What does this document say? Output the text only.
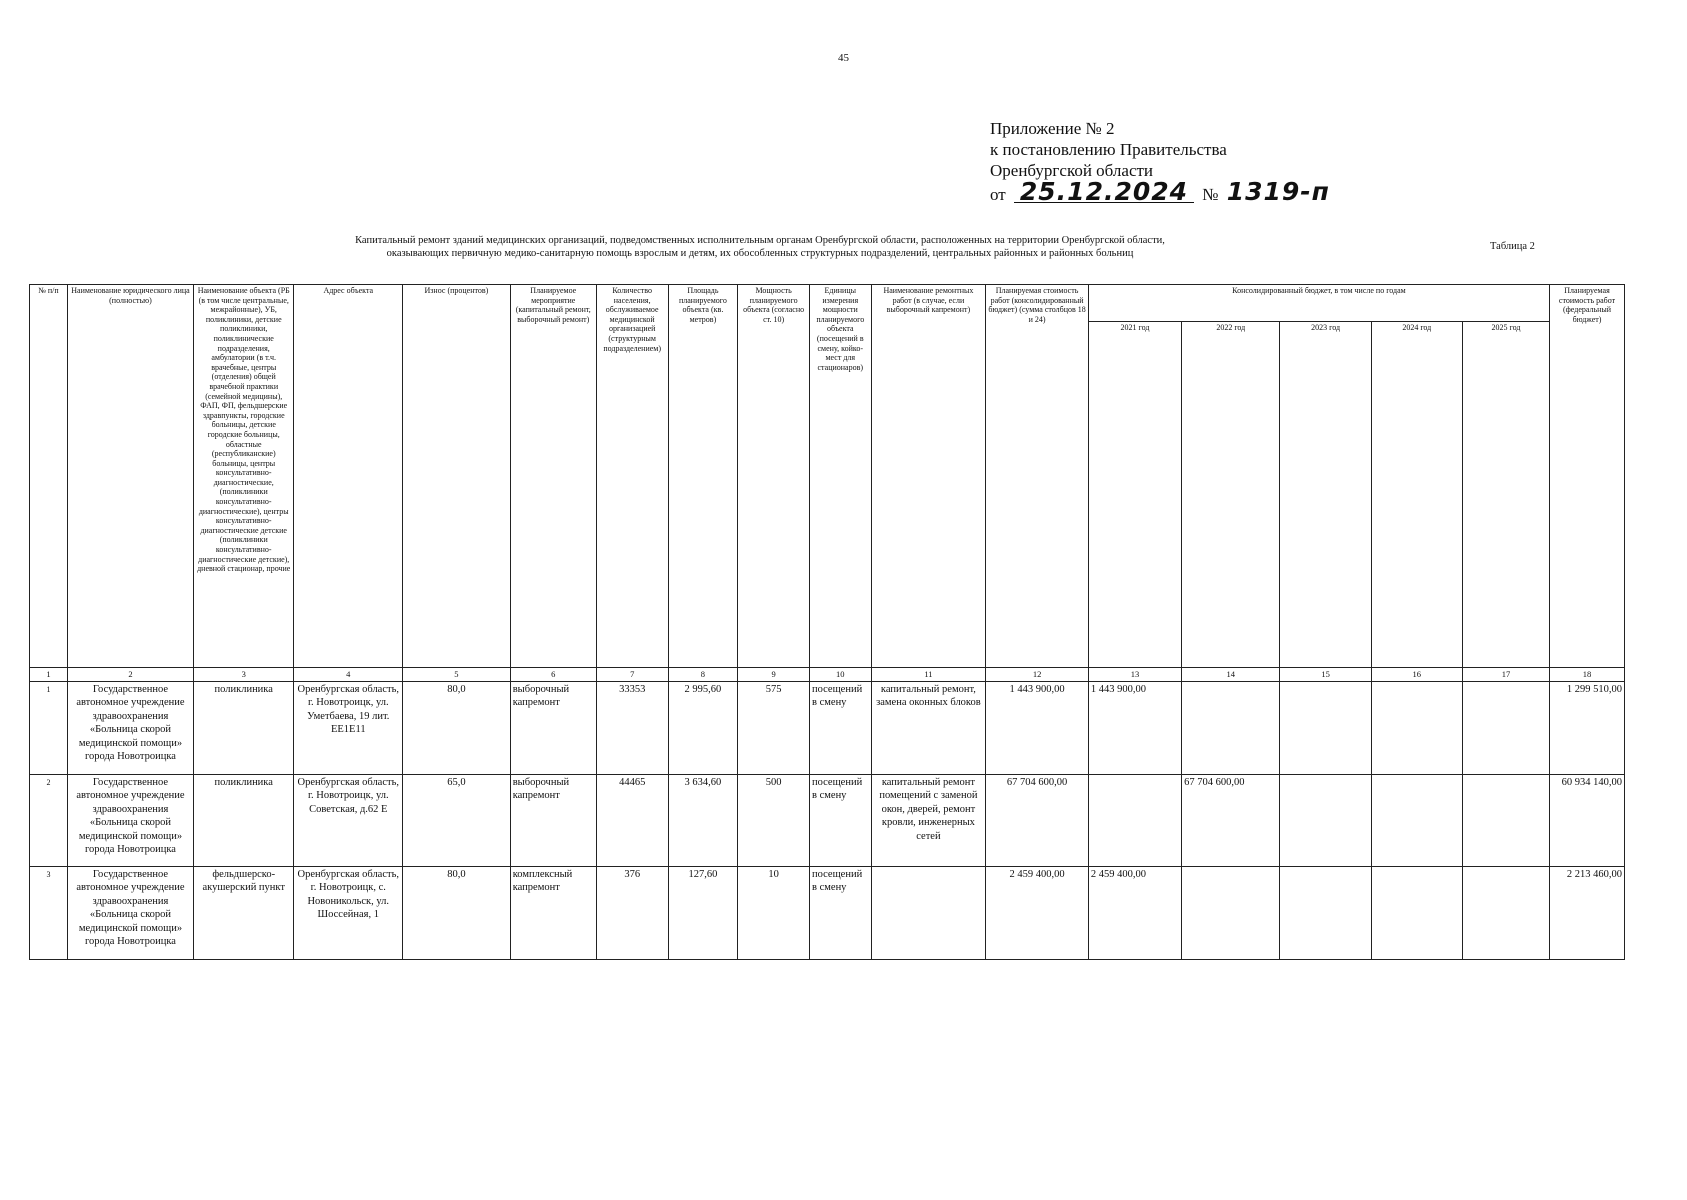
45
Приложение № 2
к постановлению Правительства
Оренбургской области
от 25.12.2024 № 1319-п
Капитальный ремонт зданий медицинских организаций, подведомственных исполнительным органам Оренбургской области, расположенных на территории Оренбургской области,
оказывающих первичную медико-санитарную помощь взрослым и детям, их обособленных структурных подразделений, центральных районных и районных больниц
Таблица 2
№ п/п	Наименование юридического лица (полностью)	Наименование объекта (РБ (в том числе центральные, межрайонные), УБ, поликлиники, детские поликлиники, поликлинические подразделения, амбулатории (в т.ч. врачебные, центры (отделения) общей врачебной практики (семейной медицины), ФАП, ФП, фельдшерские здравпункты, городские больницы, детские городские больницы, областные (республиканские) больницы, центры консультативно-диагностические, (поликлиники консультативно-диагностические), центры консультативно-диагностические детские (поликлиники консультативно-диагностические детские), дневной стационар, прочие	Адрес объекта	Износ (процентов)	Планируемое мероприятие (капитальный ремонт, выборочный ремонт)	Количество населения, обслуживаемое медицинской организацией (структурным подразделением)	Площадь планируемого объекта (кв. метров)	Мощность планируемого объекта (согласно ст. 10)	Единицы измерения мощности планируемого объекта (посещений в смену, койко-мест для стационаров)	Наименование ремонтных работ (в случае, если выборочный капремонт)	Планируемая стоимость работ (консолидированный бюджет) (сумма столбцов 18 и 24)	Консолидированный бюджет, в том числе по годам					Планируемая стоимость работ (федеральный бюджет)
												2021 год	2022 год	2023 год	2024 год	2025 год	
1	2	3	4	5	6	7	8	9	10	11	12	13	14	15	16	17	18
1	Государственное автономное учреждение здравоохранения «Больница скорой медицинской помощи» города Новотроицка	поликлиника	Оренбургская область, г. Новотроицк, ул. Уметбаева, 19 лит. ЕЕ1Е11	80,0	выборочный капремонт	33353	2 995,60	575	посещений в смену	капитальный ремонт, замена оконных блоков	1 443 900,00	1 443 900,00					1 299 510,00
2	Государственное автономное учреждение здравоохранения «Больница скорой медицинской помощи» города Новотроицка	поликлиника	Оренбургская область, г. Новотроицк, ул. Советская, д.62 Е	65,0	выборочный капремонт	44465	3 634,60	500	посещений в смену	капитальный ремонт помещений с заменой окон, дверей, ремонт кровли, инженерных сетей	67 704 600,00		67 704 600,00				60 934 140,00
3	Государственное автономное учреждение здравоохранения «Больница скорой медицинской помощи» города Новотроицка	фельдшерско-акушерский пункт	Оренбургская область, г. Новотроицк, с. Новоникольск, ул. Шоссейная, 1	80,0	комплексный капремонт	376	127,60	10	посещений в смену		2 459 400,00	2 459 400,00					2 213 460,00
